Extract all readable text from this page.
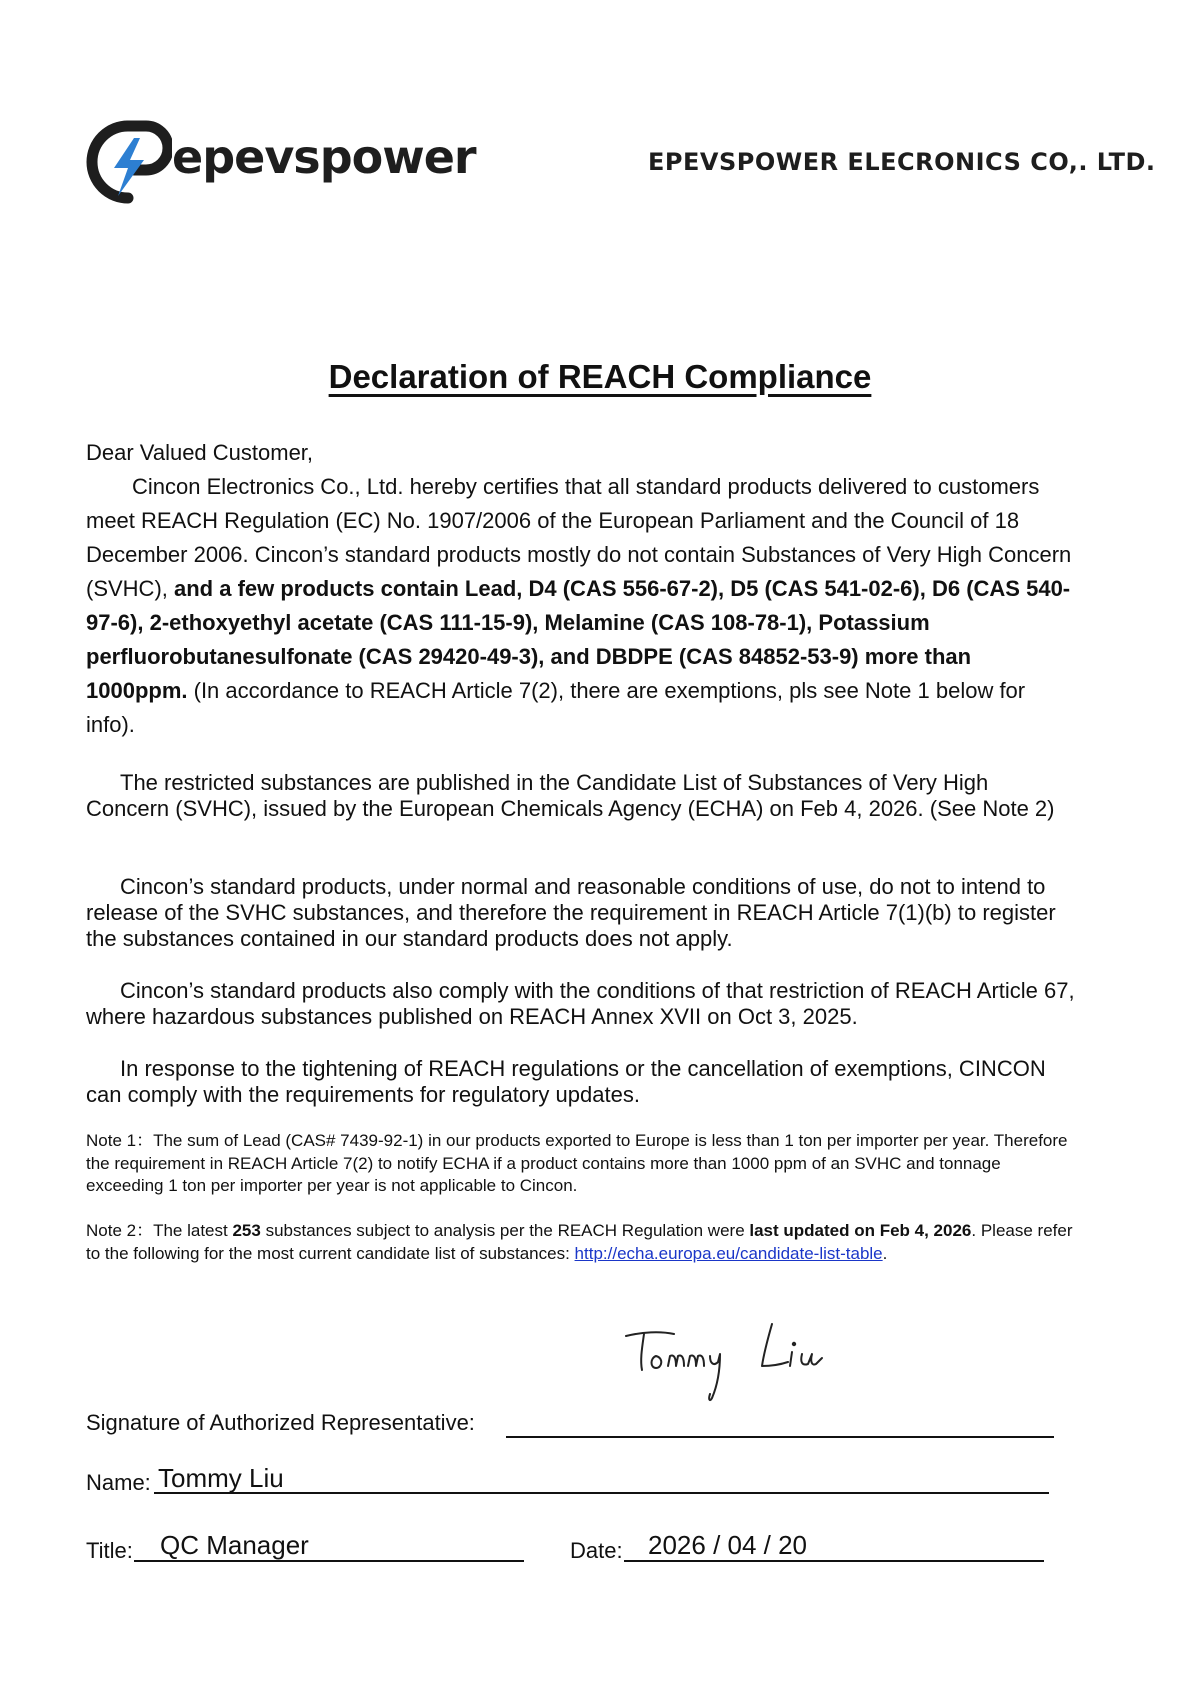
epevspower	EPEVSPOWER ELECRONICS CO,. LTD.
Declaration of REACH Compliance
Dear Valued Customer,
Cincon Electronics Co., Ltd. hereby certifies that all standard products delivered to customers meet REACH Regulation (EC) No. 1907/2006 of the European Parliament and the Council of 18 December 2006. Cincon’s standard products mostly do not contain Substances of Very High Concern (SVHC), and a few products contain Lead, D4 (CAS 556-67-2), D5 (CAS 541-02-6), D6 (CAS 540-97-6), 2-ethoxyethyl acetate (CAS 111-15-9), Melamine (CAS 108-78-1), Potassium perfluorobutanesulfonate (CAS 29420-49-3), and DBDPE (CAS 84852-53-9) more than 1000ppm. (In accordance to REACH Article 7(2), there are exemptions, pls see Note 1 below for info).
The restricted substances are published in the Candidate List of Substances of Very High Concern (SVHC), issued by the European Chemicals Agency (ECHA) on Feb 4, 2026. (See Note 2)
Cincon’s standard products, under normal and reasonable conditions of use, do not to intend to release of the SVHC substances, and therefore the requirement in REACH Article 7(1)(b) to register the substances contained in our standard products does not apply.
Cincon’s standard products also comply with the conditions of that restriction of REACH Article 67, where hazardous substances published on REACH Annex XVII on Oct 3, 2025.
In response to the tightening of REACH regulations or the cancellation of exemptions, CINCON can comply with the requirements for regulatory updates.
Note 1：The sum of Lead (CAS# 7439-92-1) in our products exported to Europe is less than 1 ton per importer per year. Therefore the requirement in REACH Article 7(2) to notify ECHA if a product contains more than 1000 ppm of an SVHC and tonnage exceeding 1 ton per importer per year is not applicable to Cincon.
Note 2：The latest 253 substances subject to analysis per the REACH Regulation were last updated on Feb 4, 2026. Please refer to the following for the most current candidate list of substances: http://echa.europa.eu/candidate-list-table.
Signature of Authorized Representative:
Name: Tommy Liu
Title: QC Manager	Date: 2026 / 04 / 20
